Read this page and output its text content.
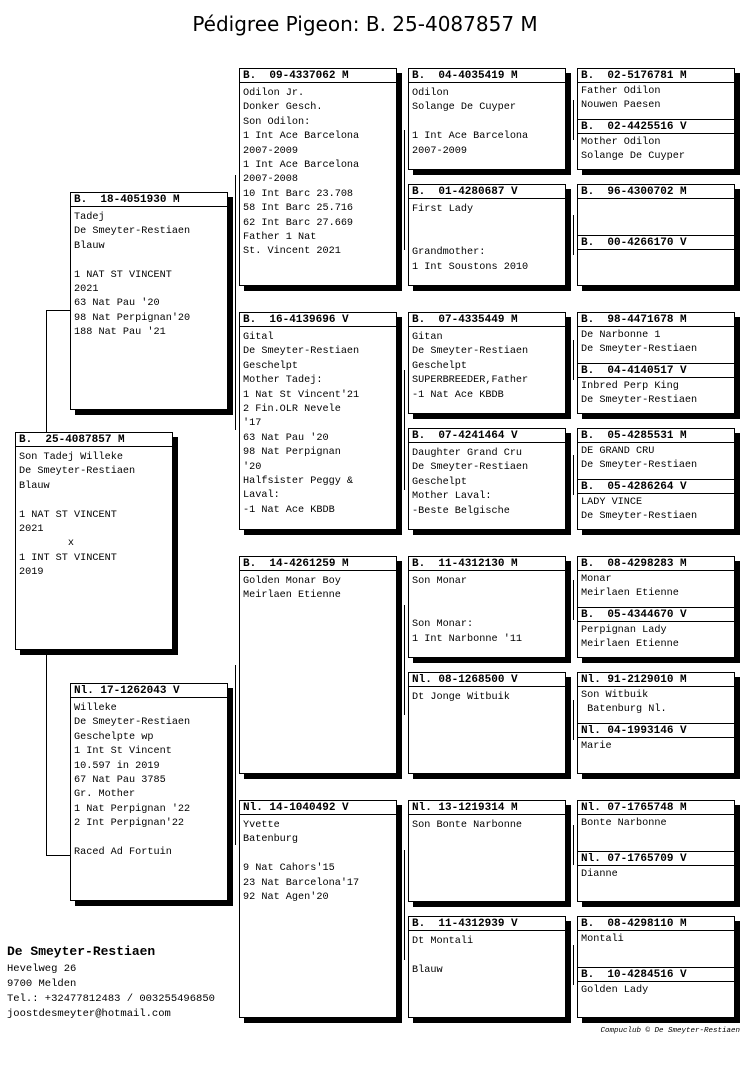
Pédigree Pigeon: B. 25-4087857 M
B.  25-4087857 M
Son Tadej Willeke
De Smeyter-Restiaen
Blauw

1 NAT ST VINCENT
2021
x
1 INT ST VINCENT
2019
B.  18-4051930 M
Tadej
De Smeyter-Restiaen
Blauw

1 NAT ST VINCENT
2021
63 Nat Pau '20
98 Nat Perpignan'20
188 Nat Pau '21
Nl. 17-1262043 V
Willeke
De Smeyter-Restiaen
Geschelpte wp
1 Int St Vincent
10.597 in 2019
67 Nat Pau 3785
Gr. Mother
1 Nat Perpignan '22
2 Int Perpignan'22

Raced Ad Fortuin
B.  09-4337062 M
Odilon Jr.
Donker Gesch.
Son Odilon:
1 Int Ace Barcelona
2007-2009
1 Int Ace Barcelona
2007-2008
10 Int Barc 23.708
58 Int Barc 25.716
62 Int Barc 27.669
Father 1 Nat
St. Vincent 2021
B.  16-4139696 V
Gital
De Smeyter-Restiaen
Geschelpt
Mother Tadej:
1 Nat St Vincent'21
2 Fin.OLR Nevele
'17
63 Nat Pau '20
98 Nat Perpignan
'20
Halfsister Peggy &
Laval:
-1 Nat Ace KBDB
B.  14-4261259 M
Golden Monar Boy
Meirlaen Etienne
Nl. 14-1040492 V
Yvette
Batenburg

9 Nat Cahors'15
23 Nat Barcelona'17
92 Nat Agen'20
B.  04-4035419 M
Odilon
Solange De Cuyper

1 Int Ace Barcelona
2007-2009
B.  01-4280687 V
First Lady

Grandmother:
1 Int Soustons 2010
B.  07-4335449 M
Gitan
De Smeyter-Restiaen
Geschelpt
SUPERBREEDER,Father
-1 Nat Ace KBDB
B.  07-4241464 V
Daughter Grand Cru
De Smeyter-Restiaen
Geschelpt
Mother Laval:
-Beste Belgische
B.  11-4312130 M
Son Monar

Son Monar:
1 Int Narbonne '11
Nl. 08-1268500 V
Dt Jonge Witbuik
Nl. 13-1219314 M
Son Bonte Narbonne
B.  11-4312939 V
Dt Montali

Blauw
B.  02-5176781 M
Father Odilon
Nouwen Paesen
B.  02-4425516 V
Mother Odilon
Solange De Cuyper
B.  96-4300702 M
B.  00-4266170 V
B.  98-4471678 M
De Narbonne 1
De Smeyter-Restiaen
B.  04-4140517 V
Inbred Perp King
De Smeyter-Restiaen
B.  05-4285531 M
DE GRAND CRU
De Smeyter-Restiaen
B.  05-4286264 V
LADY VINCE
De Smeyter-Restiaen
B.  08-4298283 M
Monar
Meirlaen Etienne
B.  05-4344670 V
Perpignan Lady
Meirlaen Etienne
Nl. 91-2129010 M
Son Witbuik
Batenburg Nl.
Nl. 04-1993146 V
Marie
Nl. 07-1765748 M
Bonte Narbonne
Nl. 07-1765709 V
Dianne
B.  08-4298110 M
Montali
B.  10-4284516 V
Golden Lady
De Smeyter-Restiaen
Hevelweg 26
9700 Melden
Tel.: +32477812483 / 003255496850
joostdesmeyter@hotmail.com
Compuclub © De Smeyter-Restiaen
